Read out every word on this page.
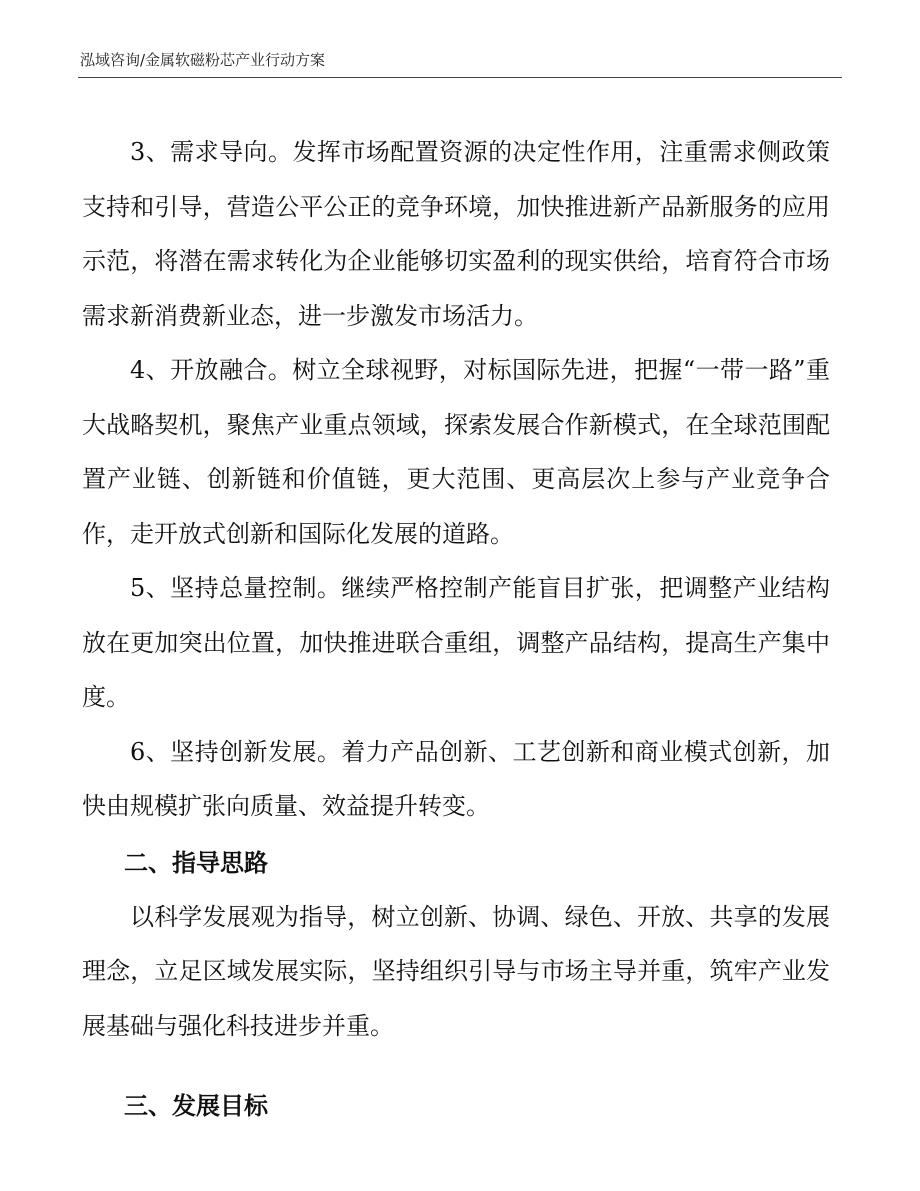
泓域咨询/金属软磁粉芯产业行动方案

3、需求导向。发挥市场配置资源的决定性作用，注重需求侧政策支持和引导，营造公平公正的竞争环境，加快推进新产品新服务的应用示范，将潜在需求转化为企业能够切实盈利的现实供给，培育符合市场需求新消费新业态，进一步激发市场活力。

4、开放融合。树立全球视野，对标国际先进，把握“一带一路”重大战略契机，聚焦产业重点领域，探索发展合作新模式，在全球范围配置产业链、创新链和价值链，更大范围、更高层次上参与产业竞争合作，走开放式创新和国际化发展的道路。

5、坚持总量控制。继续严格控制产能盲目扩张，把调整产业结构放在更加突出位置，加快推进联合重组，调整产品结构，提高生产集中度。

6、坚持创新发展。着力产品创新、工艺创新和商业模式创新，加快由规模扩张向质量、效益提升转变。

二、指导思路

以科学发展观为指导，树立创新、协调、绿色、开放、共享的发展理念，立足区域发展实际，坚持组织引导与市场主导并重，筑牢产业发展基础与强化科技进步并重。

三、发展目标
